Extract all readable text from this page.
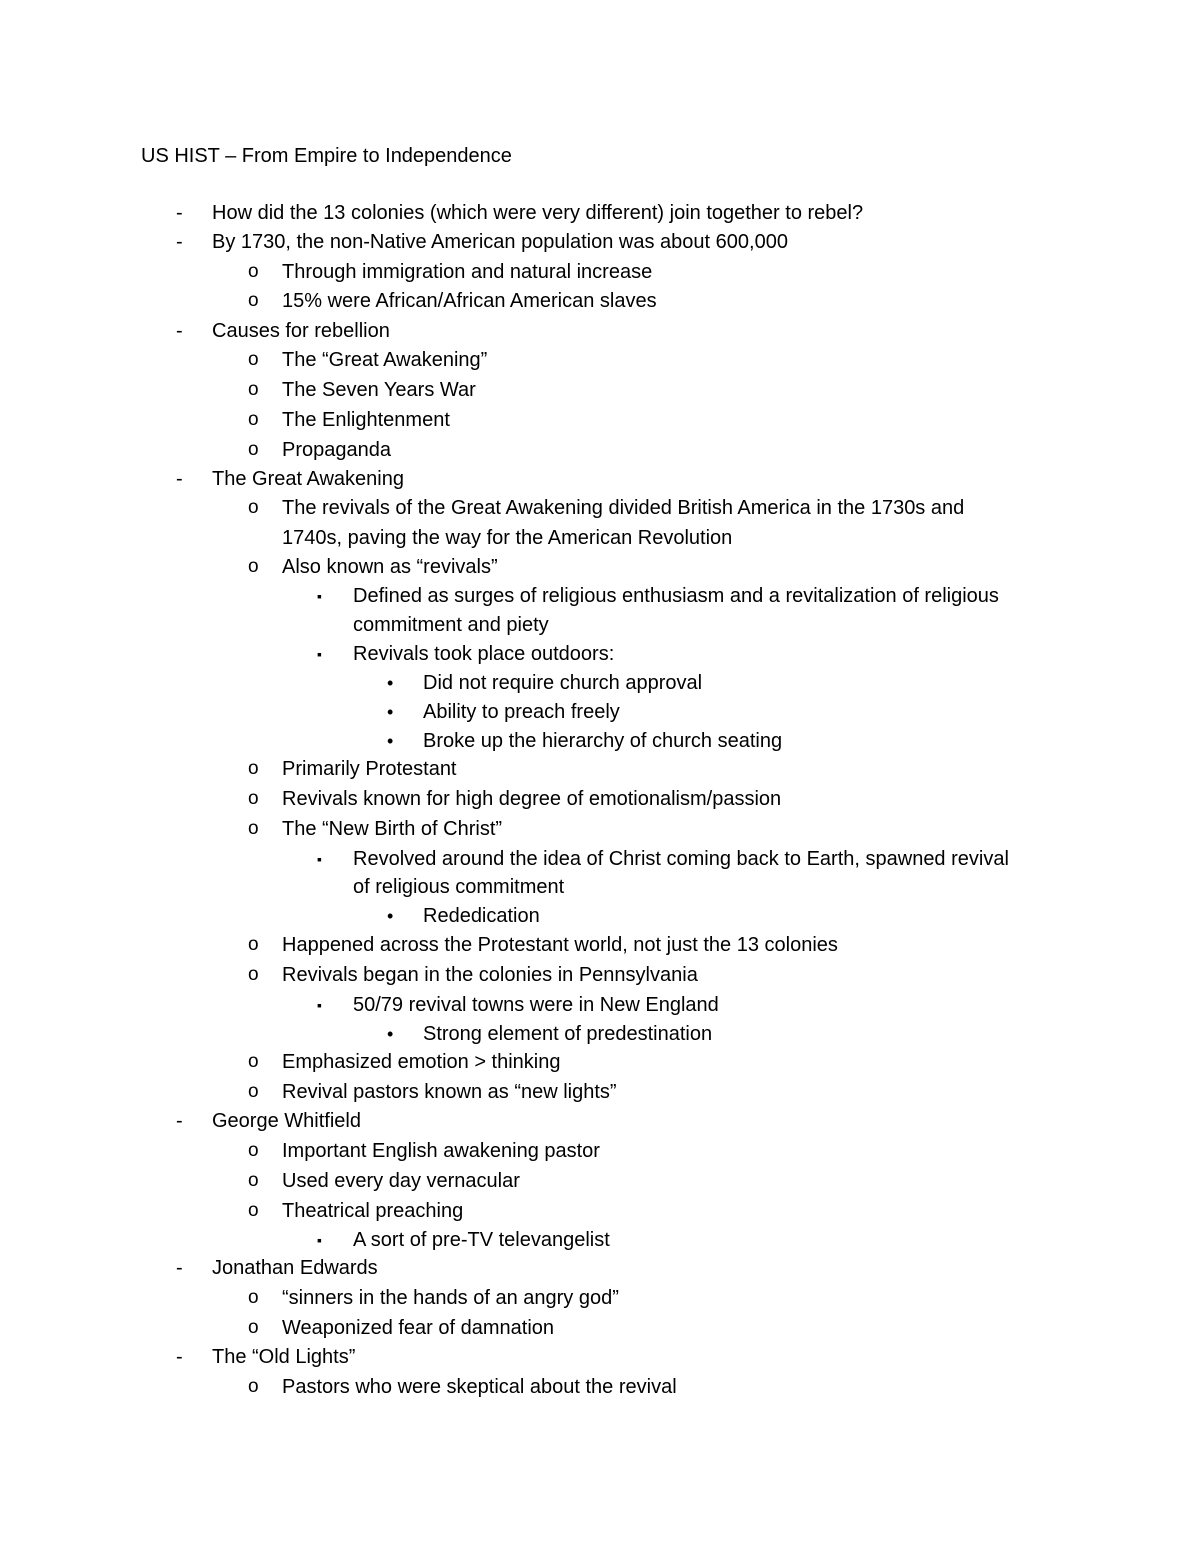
US HIST – From Empire to Independence
- How did the 13 colonies (which were very different) join together to rebel?
- By 1730, the non-Native American population was about 600,000
o Through immigration and natural increase
o 15% were African/African American slaves
- Causes for rebellion
o The “Great Awakening”
o The Seven Years War
o The Enlightenment
o Propaganda
- The Great Awakening
o The revivals of the Great Awakening divided British America in the 1730s and
1740s, paving the way for the American Revolution
o Also known as “revivals”
▪ Defined as surges of religious enthusiasm and a revitalization of religious
commitment and piety
▪ Revivals took place outdoors:
• Did not require church approval
• Ability to preach freely
• Broke up the hierarchy of church seating
o Primarily Protestant
o Revivals known for high degree of emotionalism/passion
o The “New Birth of Christ”
▪ Revolved around the idea of Christ coming back to Earth, spawned revival
of religious commitment
• Rededication
o Happened across the Protestant world, not just the 13 colonies
o Revivals began in the colonies in Pennsylvania
▪ 50/79 revival towns were in New England
• Strong element of predestination
o Emphasized emotion > thinking
o Revival pastors known as “new lights”
- George Whitfield
o Important English awakening pastor
o Used every day vernacular
o Theatrical preaching
▪ A sort of pre-TV televangelist
- Jonathan Edwards
o “sinners in the hands of an angry god”
o Weaponized fear of damnation
- The “Old Lights”
o Pastors who were skeptical about the revival
